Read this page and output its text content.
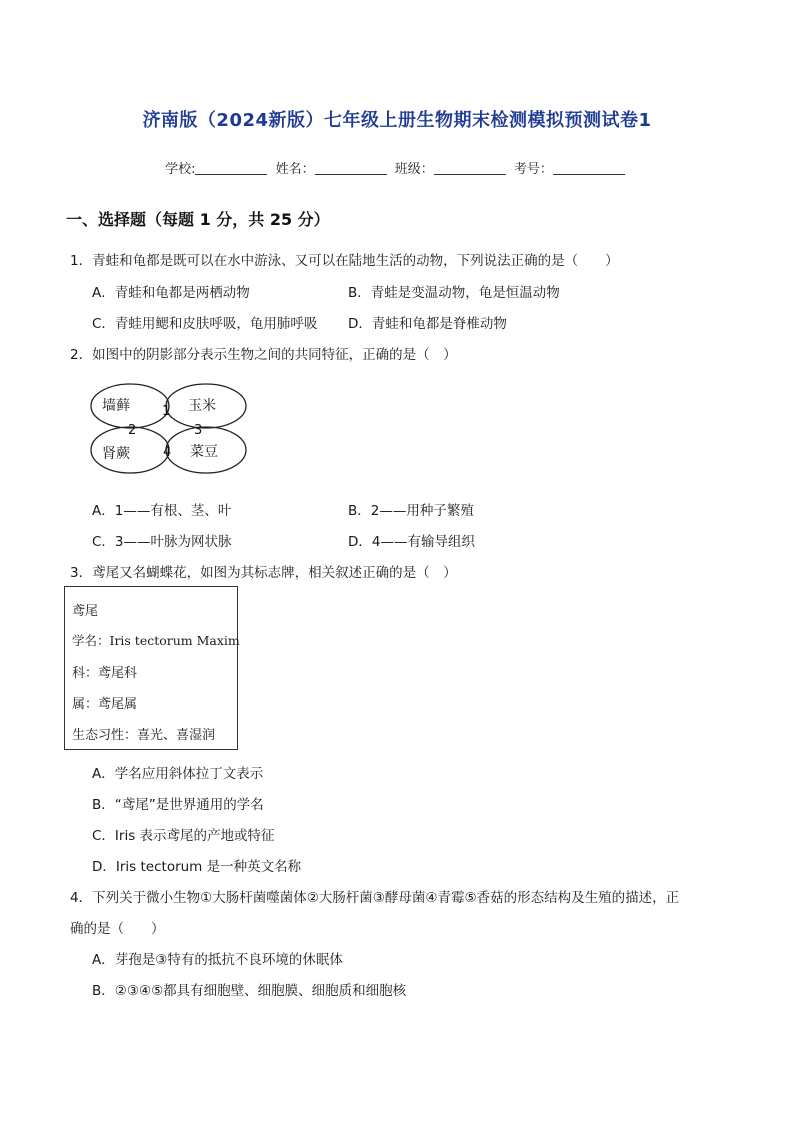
济南版（2024新版）七年级上册生物期末检测模拟预测试卷1
学校:	姓名：	班级：	考号：
一、选择题（每题 1 分，共 25 分）
1．青蛙和龟都是既可以在水中游泳、又可以在陆地生活的动物，下列说法正确的是（　　）
A．青蛙和龟都是两栖动物	B．青蛙是变温动物，龟是恒温动物
C．青蛙用鳃和皮肤呼吸，龟用肺呼吸 D．青蛙和龟都是脊椎动物
2．如图中的阴影部分表示生物之间的共同特征，正确的是（　）
墙藓	玉米
肾蕨	菜豆
1
2	3
4
A．1——有根、茎、叶	B．2——用种子繁殖
C．3——叶脉为网状脉	D．4——有输导组织
3．鸢尾又名蝴蝶花，如图为其标志牌，相关叙述正确的是（　）
鸢尾
学名：Iris tectorum Maxim
科：鸢尾科
属：鸢尾属
生态习性：喜光、喜湿润
A．学名应用斜体拉丁文表示
B．“鸢尾”是世界通用的学名
C．Iris 表示鸢尾的产地或特征
D．Iris tectorum 是一种英文名称
4．下列关于微小生物①大肠杆菌噬菌体②大肠杆菌③酵母菌④青霉⑤香菇的形态结构及生殖的描述，正
确的是（　　）
A．芽孢是③特有的抵抗不良环境的休眠体
B．②③④⑤都具有细胞壁、细胞膜、细胞质和细胞核
